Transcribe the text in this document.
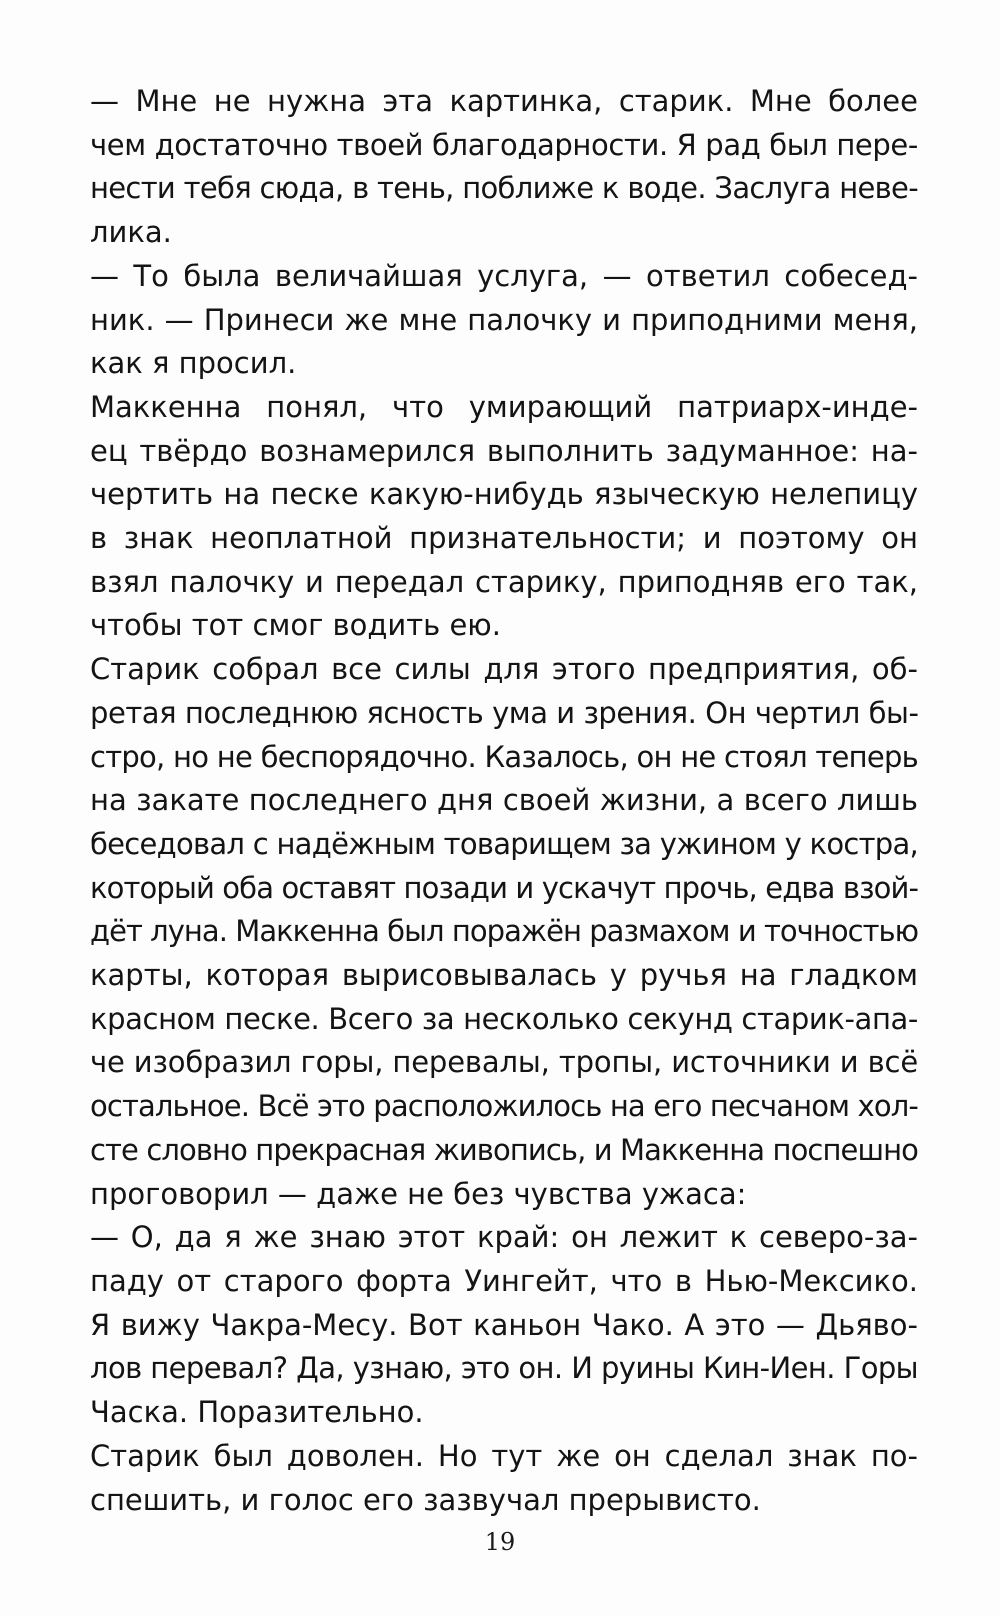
— Мне не нужна эта картинка, старик. Мне более
чем достаточно твоей благодарности. Я рад был пере-
нести тебя сюда, в тень, поближе к воде. Заслуга неве-
лика.

— То была величайшая услуга, — ответил собесед-
ник. — Принеси же мне палочку и приподними меня,
как я просил.

Маккенна понял, что умирающий патриарх-инде-
ец твёрдо вознамерился выполнить задуманное: на-
чертить на песке какую-нибудь языческую нелепицу
в знак неоплатной признательности; и поэтому он
взял палочку и передал старику, приподняв его так,
чтобы тот смог водить ею.

Старик собрал все силы для этого предприятия, об-
ретая последнюю ясность ума и зрения. Он чертил бы-
стро, но не беспорядочно. Казалось, он не стоял теперь
на закате последнего дня своей жизни, а всего лишь
беседовал с надёжным товарищем за ужином у костра,
который оба оставят позади и ускачут прочь, едва взой-
дёт луна. Маккенна был поражён размахом и точностью
карты, которая вырисовывалась у ручья на гладком
красном песке. Всего за несколько секунд старик-апа-
че изобразил горы, перевалы, тропы, источники и всё
остальное. Всё это расположилось на его песчаном хол-
сте словно прекрасная живопись, и Маккенна поспешно
проговорил — даже не без чувства ужаса:

— О, да я же знаю этот край: он лежит к северо-за-
паду от старого форта Уингейт, что в Нью-Мексико.
Я вижу Чакра-Месу. Вот каньон Чако. А это — Дьяво-
лов перевал? Да, узнаю, это он. И руины Кин-Иен. Горы
Часка. Поразительно.

Старик был доволен. Но тут же он сделал знак по-
спешить, и голос его зазвучал прерывисто.

19
